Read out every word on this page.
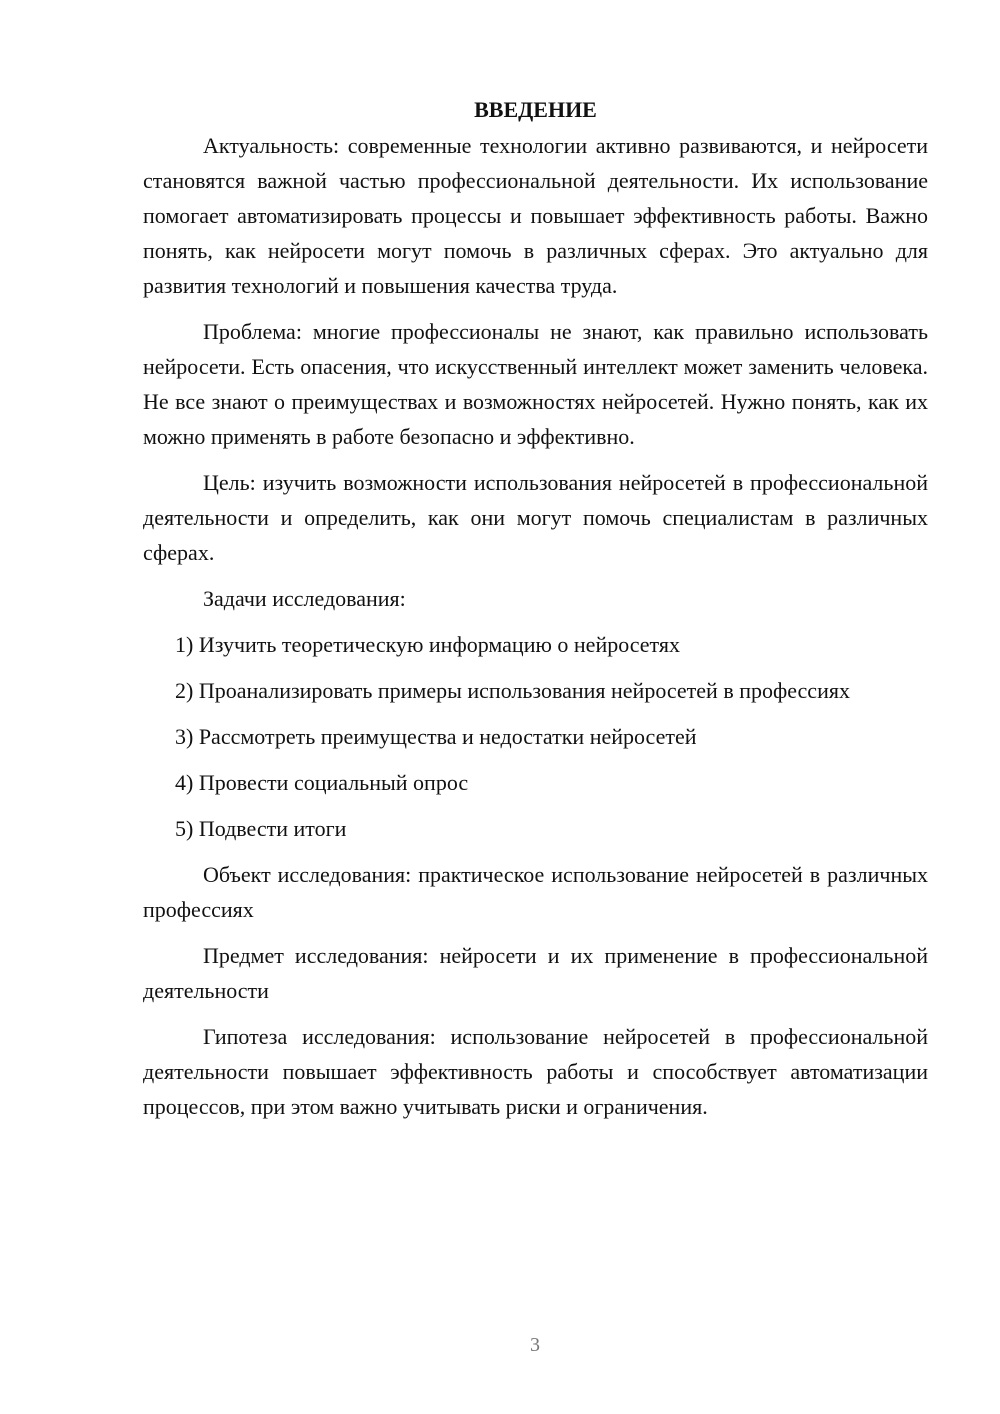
ВВЕДЕНИЕ

Актуальность: современные технологии активно развиваются, и нейросети становятся важной частью профессиональной деятельности. Их использование помогает автоматизировать процессы и повышает эффективность работы. Важно понять, как нейросети могут помочь в различных сферах. Это актуально для развития технологий и повышения качества труда.

Проблема: многие профессионалы не знают, как правильно использовать нейросети. Есть опасения, что искусственный интеллект может заменить человека. Не все знают о преимуществах и возможностях нейросетей. Нужно понять, как их можно применять в работе безопасно и эффективно.

Цель: изучить возможности использования нейросетей в профессиональной деятельности и определить, как они могут помочь специалистам в различных сферах.

Задачи исследования:

1) Изучить теоретическую информацию о нейросетях

2) Проанализировать примеры использования нейросетей в профессиях

3) Рассмотреть преимущества и недостатки нейросетей

4) Провести социальный опрос

5) Подвести итоги

Объект исследования: практическое использование нейросетей в различных профессиях

Предмет исследования: нейросети и их применение в профессиональной деятельности

Гипотеза исследования: использование нейросетей в профессиональной деятельности повышает эффективность работы и способствует автоматизации процессов, при этом важно учитывать риски и ограничения.

3
